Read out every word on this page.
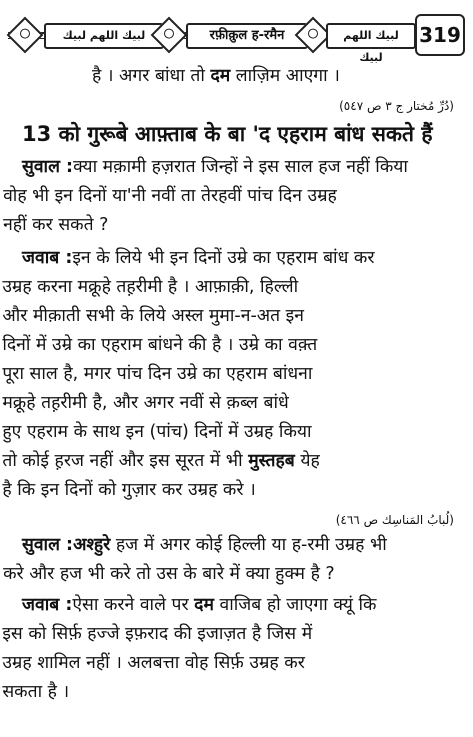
لبيك اللهم لبيك	रफ़ीक़ुल ह-रमैन	لبيك اللهم لبيك
319

है । अगर बांधा तो दम लाज़िम आएगा ।

(دُرِّ مُختار ج ٣ ص ٥٤٧)

13 को गुरूबे आफ़्ताब के बा 'द एहराम बांध सकते हैं

सुवाल : क्या मक़ामी हज़रात जिन्हों ने इस साल हज नहीं किया

वोह भी इन दिनों या'नी नवीं ता तेरहवीं पांच दिन उम्रह

नहीं कर सकते ?

जवाब : इन के लिये भी इन दिनों उम्रे का एहराम बांध कर

उम्रह करना मक्रूहे तह़रीमी है । आफ़ाक़ी, हिल्ली

और मीक़ाती सभी के लिये अस्ल मुमा-न-अत इन

दिनों में उम्रे का एहराम बांधने की है । उम्रे का वक़्त

पूरा साल है, मगर पांच दिन उम्रे का एहराम बांधना

मक्रूहे तह़रीमी है, और अगर नवीं से क़ब्ल बांधे

हुए एहराम के साथ इन (पांच) दिनों में उम्रह किया

तो कोई ह़रज नहीं और इस सूरत में भी मुस्तहब येह

है कि इन दिनों को गुज़ार कर उम्रह करे ।

(لُبابُ المَناسِك ص ٤٦٦)

सुवाल : अश्हुरे हज में अगर कोई हिल्ली या ह-रमी उम्रह भी

करे और हज भी करे तो उस के बारे में क्या हुक्म है ?

जवाब : ऐसा करने वाले पर दम वाजिब हो जाएगा क्यूं कि

इस को सिर्फ़ हज्जे इफ़राद की इजाज़त है जिस में

उम्रह शामिल नहीं । अलबत्ता वोह सिर्फ़ उम्रह कर

सकता है ।
